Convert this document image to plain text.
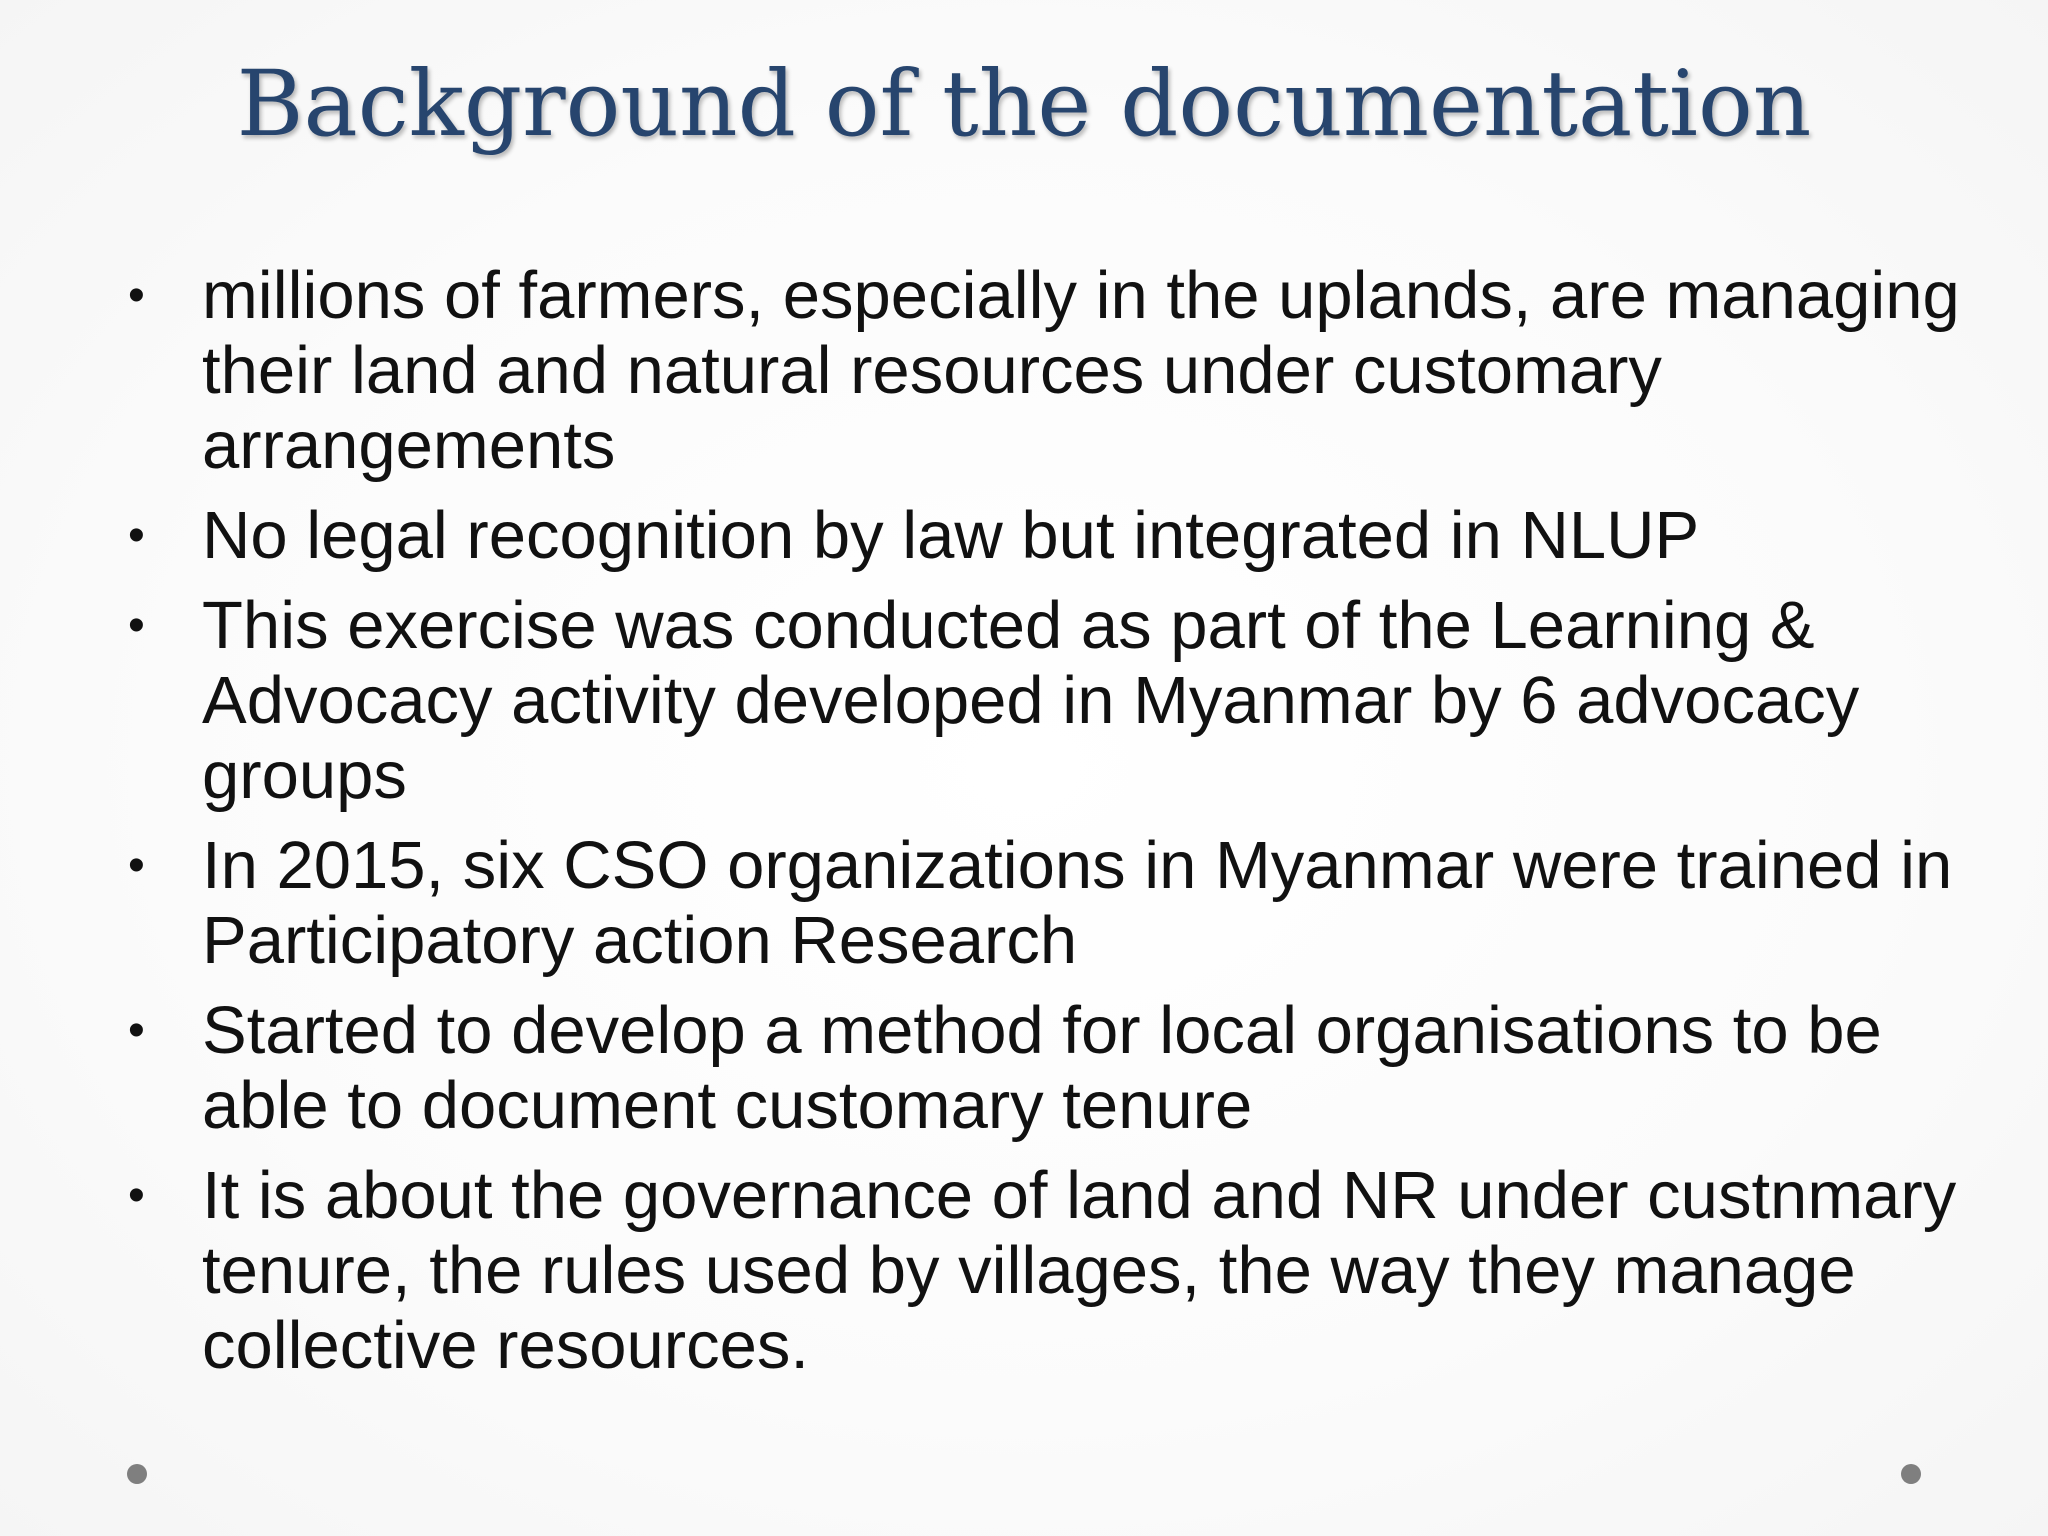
Background of the documentation
• millions of farmers, especially in the uplands, are managing their land and natural resources under customary arrangements
• No legal recognition by law but integrated in NLUP
• This exercise was conducted as part of the Learning & Advocacy activity developed in Myanmar by 6 advocacy groups
• In 2015, six CSO organizations in Myanmar were trained in Participatory action Research
• Started to develop a method for local organisations to be able to document customary tenure
• It is about the governance of land and NR under custnmary tenure, the rules used by villages, the way they manage collective resources.
